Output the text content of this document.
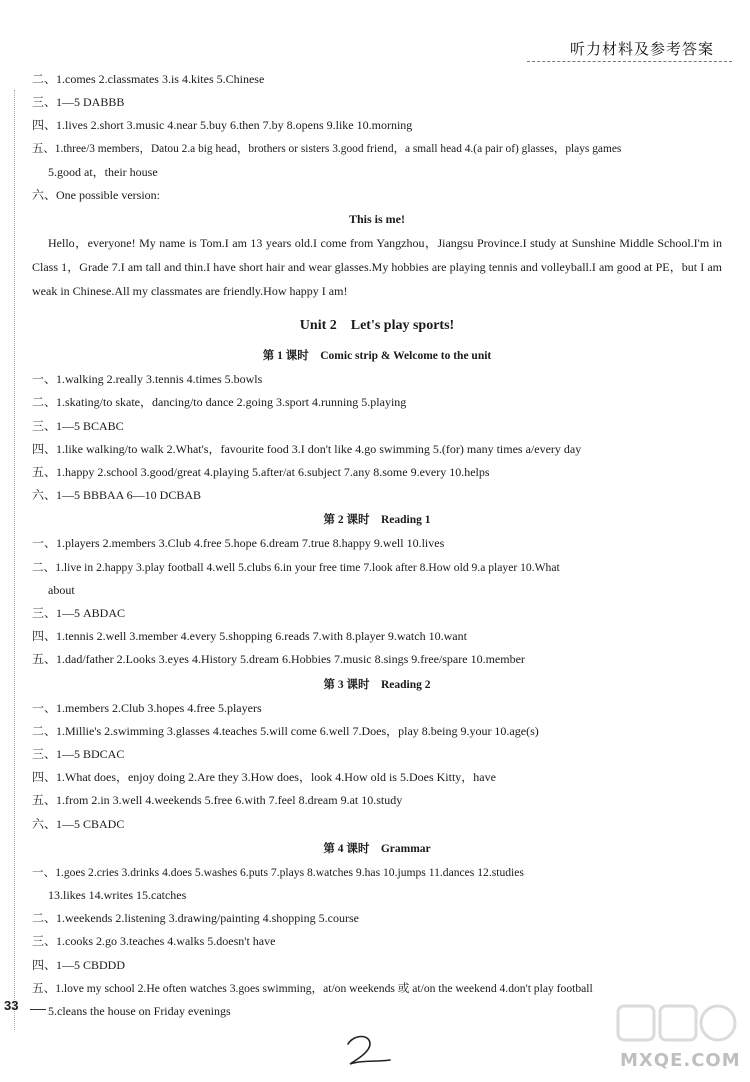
听力材料及参考答案

二、1.comes 2.classmates 3.is 4.kites 5.Chinese

三、1—5 DABBB

四、1.lives 2.short 3.music 4.near 5.buy 6.then 7.by 8.opens 9.like 10.morning

五、1.three/3 members，Datou 2.a big head，brothers or sisters 3.good friend，a small head 4.(a pair of) glasses，plays games

5.good at，their house

六、One possible version:

This is me!

Hello，everyone! My name is Tom.I am 13 years old.I come from Yangzhou，Jiangsu Province.I study at Sunshine Middle School.I'm in Class 1，Grade 7.I am tall and thin.I have short hair and wear glasses.My hobbies are playing tennis and volleyball.I am good at PE，but I am weak in Chinese.All my classmates are friendly.How happy I am!

Unit 2    Let's play sports!
第 1 课时    Comic strip & Welcome to the unit

一、1.walking 2.really 3.tennis 4.times 5.bowls

二、1.skating/to skate，dancing/to dance 2.going 3.sport 4.running 5.playing

三、1—5 BCABC

四、1.like walking/to walk 2.What's，favourite food 3.I don't like 4.go swimming 5.(for) many times a/every day

五、1.happy 2.school 3.good/great 4.playing 5.after/at 6.subject 7.any 8.some 9.every 10.helps

六、1—5 BBBAA 6—10 DCBAB

第 2 课时    Reading 1

一、1.players 2.members 3.Club 4.free 5.hope 6.dream 7.true 8.happy 9.well 10.lives

二、1.live in 2.happy 3.play football 4.well 5.clubs 6.in your free time 7.look after 8.How old 9.a player 10.What

about

三、1—5 ABDAC

四、1.tennis 2.well 3.member 4.every 5.shopping 6.reads 7.with 8.player 9.watch 10.want

五、1.dad/father 2.Looks 3.eyes 4.History 5.dream 6.Hobbies 7.music 8.sings 9.free/spare 10.member

第 3 课时    Reading 2

一、1.members 2.Club 3.hopes 4.free 5.players

二、1.Millie's 2.swimming 3.glasses 4.teaches 5.will come 6.well 7.Does，play 8.being 9.your 10.age(s)

三、1—5 BDCAC

四、1.What does，enjoy doing 2.Are they 3.How does，look 4.How old is 5.Does Kitty，have

五、1.from 2.in 3.well 4.weekends 5.free 6.with 7.feel 8.dream 9.at 10.study

六、1—5 CBADC

第 4 课时    Grammar

一、1.goes 2.cries 3.drinks 4.does 5.washes 6.puts 7.plays 8.watches 9.has 10.jumps 11.dances 12.studies

13.likes 14.writes 15.catches

二、1.weekends 2.listening 3.drawing/painting 4.shopping 5.course

三、1.cooks 2.go 3.teaches 4.walks 5.doesn't have

四、1—5 CBDDD

五、1.love my school 2.He often watches 3.goes swimming，at/on weekends 或 at/on the weekend 4.don't play football

5.cleans the house on Friday evenings

33
MXQE.COM
